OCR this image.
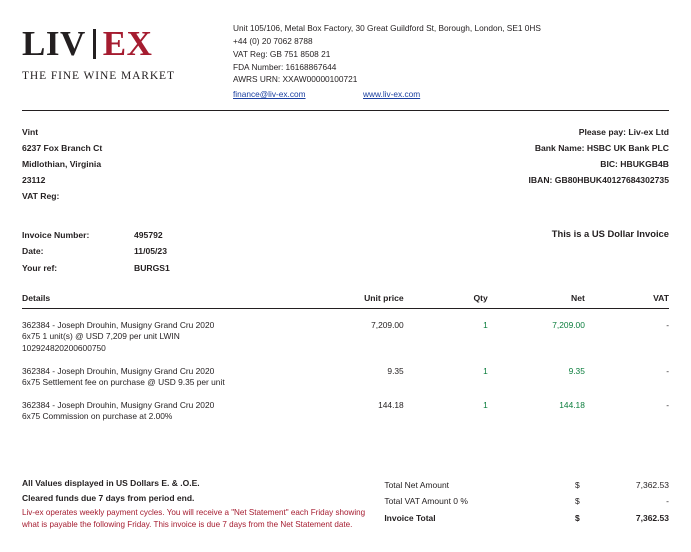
LIV EX
THE FINE WINE MARKET
Unit 105/106, Metal Box Factory, 30 Great Guildford St, Borough, London, SE1 0HS
+44 (0) 20 7062 8788
VAT Reg: GB 751 8508 21
FDA Number: 16168867644
AWRS URN: XXAW00000100721
finance@liv-ex.com	www.liv-ex.com
Vint
6237 Fox Branch Ct
Midlothian, Virginia
23112
VAT Reg:
Please pay: Liv-ex Ltd
Bank Name: HSBC UK Bank PLC
BIC: HBUKGB4B
IBAN: GB80HBUK40127684302735
Invoice Number:	495792
Date:	11/05/23
Your ref:	BURGS1
This is a US Dollar Invoice
Details	Unit price	Qty	Net	VAT

362384 - Joseph Drouhin, Musigny Grand Cru 2020
6x75 1 unit(s) @ USD 7,209 per unit LWIN
102924820200600750	7,209.00	1	7,209.00	-

362384 - Joseph Drouhin, Musigny Grand Cru 2020
6x75 Settlement fee on purchase @ USD 9.35 per unit	9.35	1	9.35	-

362384 - Joseph Drouhin, Musigny Grand Cru 2020
6x75 Commission on purchase at 2.00%	144.18	1	144.18	-
All Values displayed in US Dollars E. & .O.E.
Cleared funds due 7 days from period end.
Liv-ex operates weekly payment cycles. You will receive a "Net Statement" each Friday showing what is payable the following Friday. This invoice is due 7 days from the Net Statement date.
Total Net Amount	$	7,362.53
Total VAT Amount 0 %	$	-
Invoice Total	$	7,362.53
